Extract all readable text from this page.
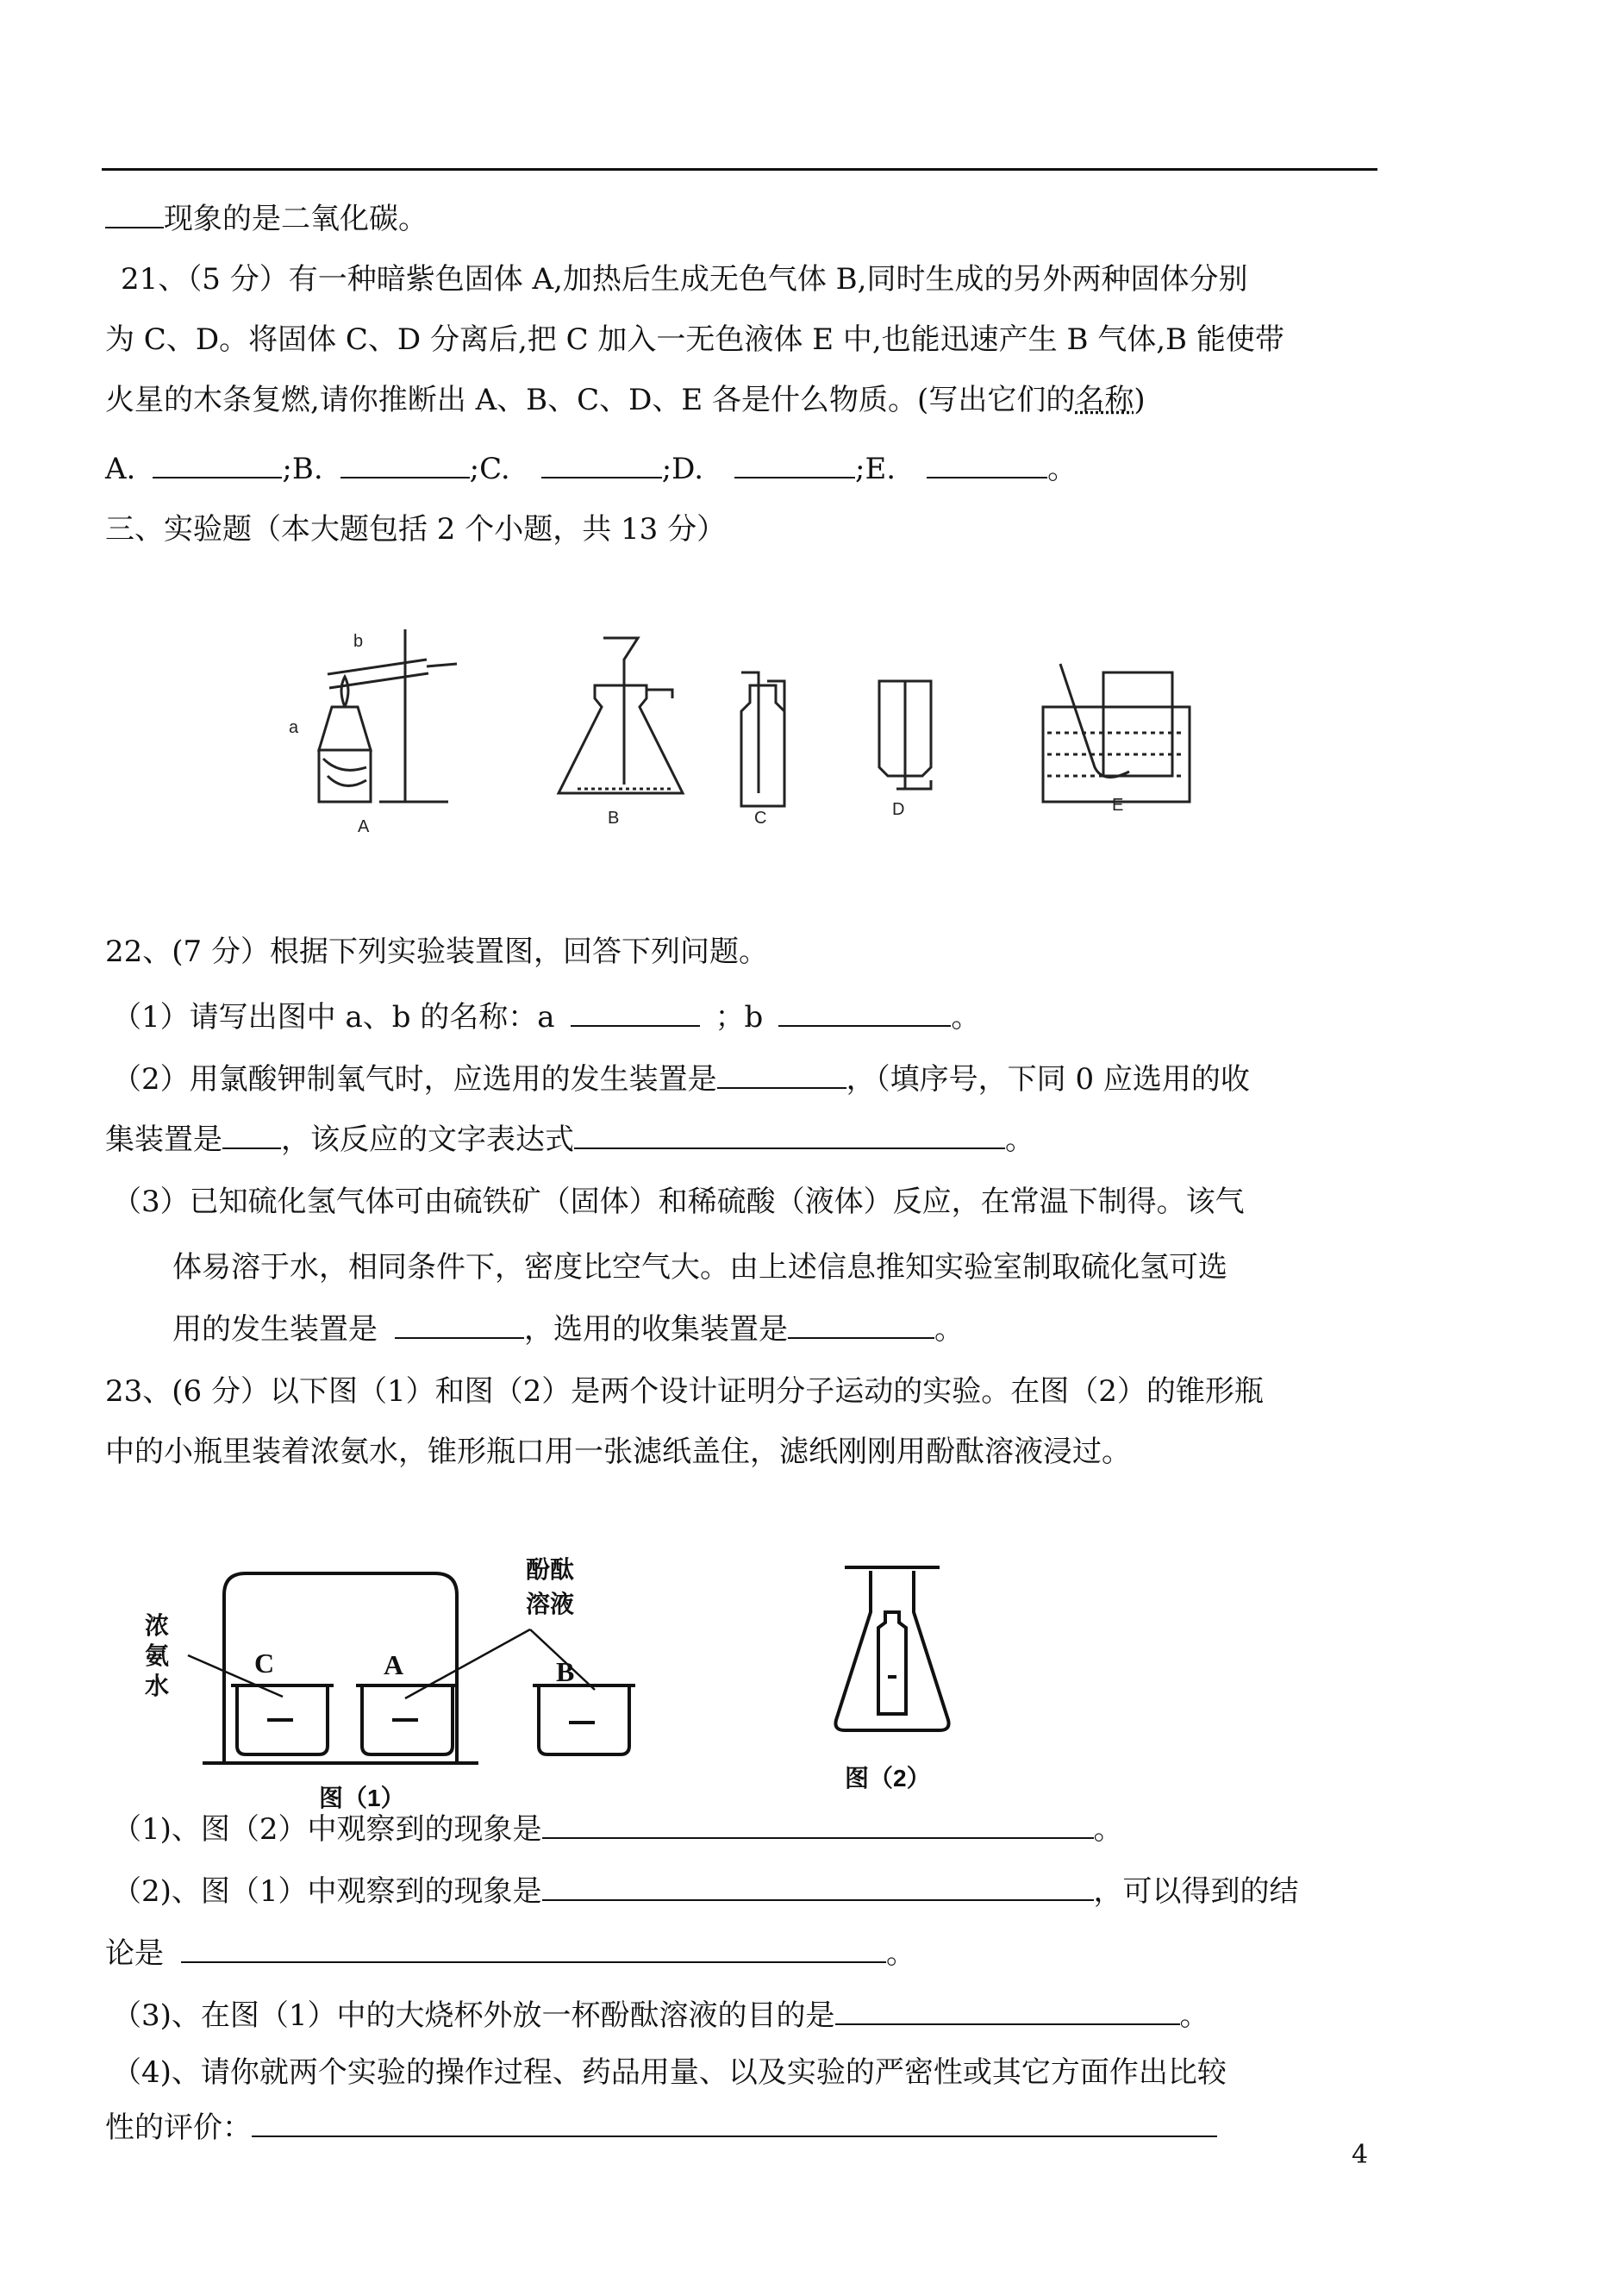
现象的是二氧化碳。
21、（5 分）有一种暗紫色固体 A,加热后生成无色气体 B,同时生成的另外两种固体分别
为 C、D。将固体 C、D 分离后,把 C 加入一无色液体 E 中,也能迅速产生 B 气体,B 能使带
火星的木条复燃,请你推断出 A、B、C、D、E 各是什么物质。(写出它们的名称)
A.	;B.	;C.	;D.	;E.	。
三、实验题（本大题包括 2 个小题，共 13 分）
b
a
A	B	C	D	E
22、(7 分）根据下列实验装置图，回答下列问题。
（1）请写出图中 a、b 的名称：a	；b	。
（2）用氯酸钾制氧气时，应选用的发生装置是	，（填序号，下同 0 应选用的收
集装置是 ，该反应的文字表达式	。
（3）已知硫化氢气体可由硫铁矿（固体）和稀硫酸（液体）反应，在常温下制得。该气
体易溶于水，相同条件下，密度比空气大。由上述信息推知实验室制取硫化氢可选
用的发生装置是	，选用的收集装置是	。
23、(6 分）以下图（1）和图（2）是两个设计证明分子运动的实验。在图（2）的锥形瓶
中的小瓶里装着浓氨水，锥形瓶口用一张滤纸盖住，滤纸刚刚用酚酞溶液浸过。
浓
氨
水
酚酞
溶液
C	A	B
图（1）
图（2）
（1)、图（2）中观察到的现象是	。
（2)、图（1）中观察到的现象是	，可以得到的结
论是	。
（3)、在图（1）中的大烧杯外放一杯酚酞溶液的目的是	。
（4)、请你就两个实验的操作过程、药品用量、以及实验的严密性或其它方面作出比较
性的评价：
4
